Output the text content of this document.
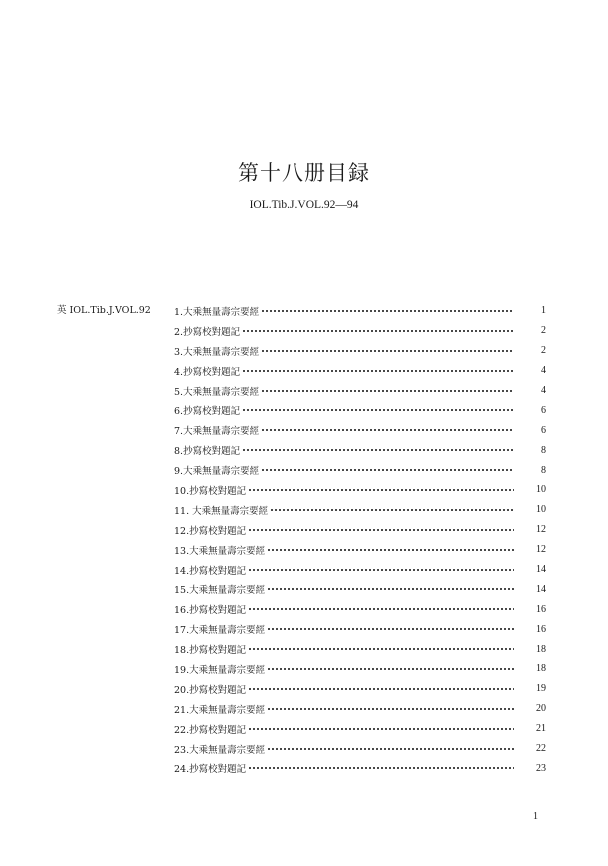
第十八册目録
IOL.Tib.J.VOL.92—94
英 IOL.Tib.J.VOL.92 1.大乘無量壽宗要經	1
2.抄寫校對題記	2
3.大乘無量壽宗要經	2
4.抄寫校對題記	4
5.大乘無量壽宗要經	4
6.抄寫校對題記	6
7.大乘無量壽宗要經	6
8.抄寫校對題記	8
9.大乘無量壽宗要經	8
10.抄寫校對題記	10
11. 大乘無量壽宗要經	10
12.抄寫校對題記	12
13.大乘無量壽宗要經	12
14.抄寫校對題記	14
15.大乘無量壽宗要經	14
16.抄寫校對題記	16
17.大乘無量壽宗要經	16
18.抄寫校對題記	18
19.大乘無量壽宗要經	18
20.抄寫校對題記	19
21.大乘無量壽宗要經	20
22.抄寫校對題記	21
23.大乘無量壽宗要經	22
24.抄寫校對題記	23
1
